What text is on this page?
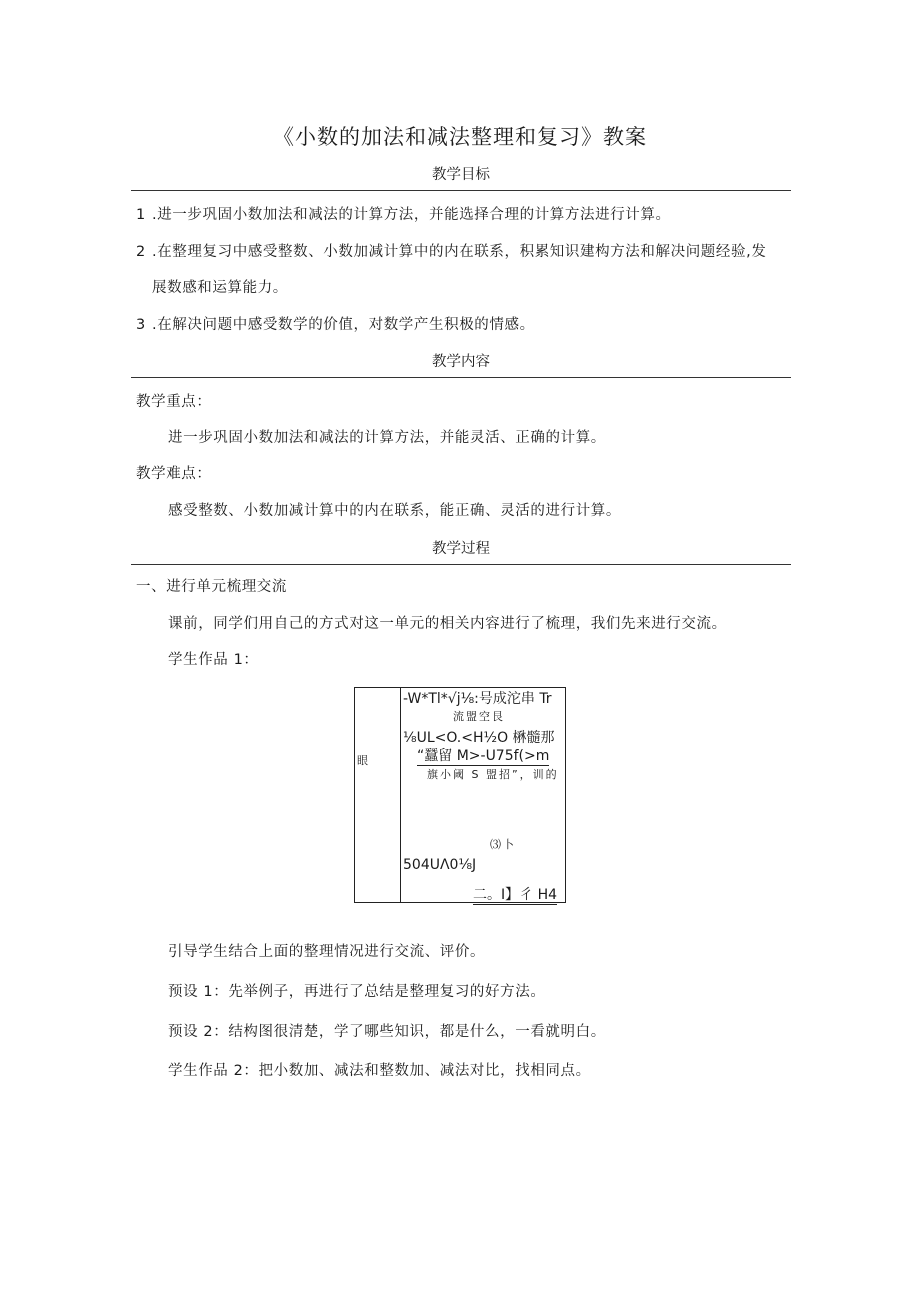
《小数的加法和减法整理和复习》教案
教学目标
1 .进一步巩固小数加法和减法的计算方法，并能选择合理的计算方法进行计算。
2 .在整理复习中感受整数、小数加减计算中的内在联系，积累知识建构方法和解决问题经验,发
展数感和运算能力。
3 .在解决问题中感受数学的价值，对数学产生积极的情感。
教学内容
教学重点：
进一步巩固小数加法和减法的计算方法，并能灵活、正确的计算。
教学难点：
感受整数、小数加减计算中的内在联系，能正确、灵活的进行计算。
教学过程
一、进行单元梳理交流
课前，同学们用自己的方式对这一单元的相关内容进行了梳理，我们先来进行交流。
学生作品 1：
眼
-W*Tl*√j⅛:号成沱串 Tr
流盟空艮
⅛UL<O.<H½O 楙髓那
“蠶留 M>-U75f(>m
旗小阈 S 盟招”，训的
⑶卜
504UΛ0⅛J
二。I】彳 H4
引导学生结合上面的整理情况进行交流、评价。
预设 1：先举例子，再进行了总结是整理复习的好方法。
预设 2：结构图很清楚，学了哪些知识，都是什么，一看就明白。
学生作品 2：把小数加、减法和整数加、减法对比，找相同点。
